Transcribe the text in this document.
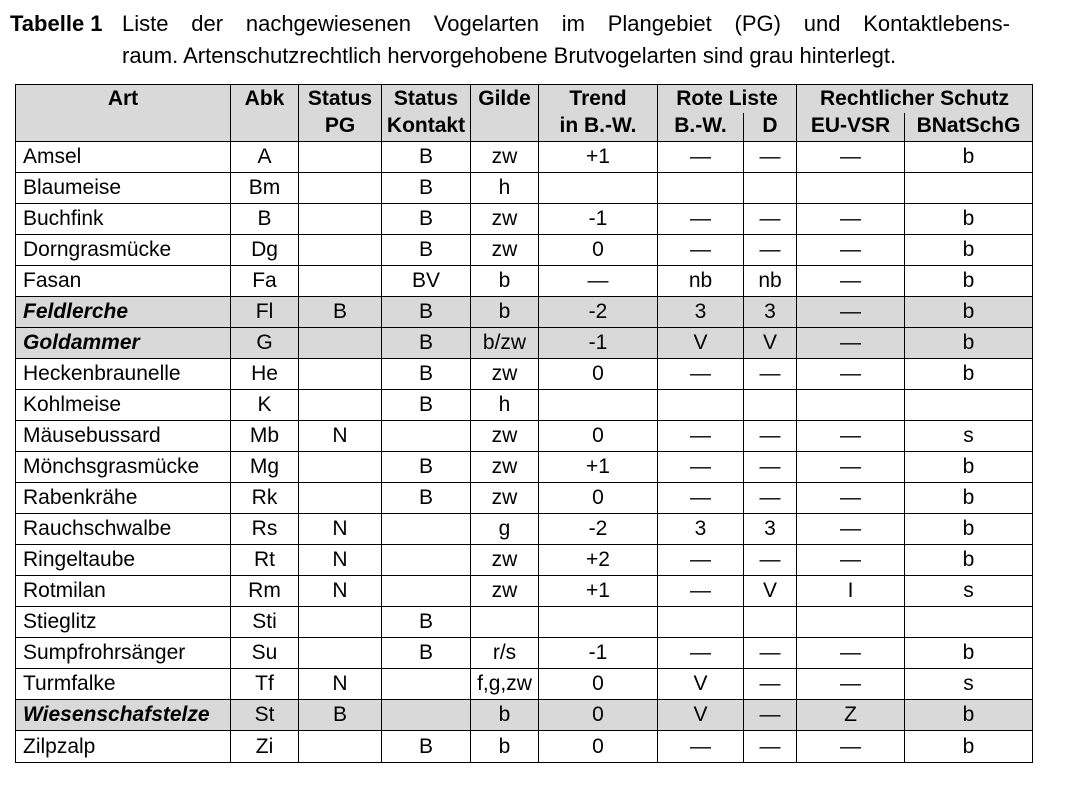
Tabelle 1 Liste der nachgewiesenen Vogelarten im Plangebiet (PG) und Kontaktlebens-
raum. Artenschutzrechtlich hervorgehobene Brutvogelarten sind grau hinterlegt.
Art	Abk	Status	Status	Gilde	Trend	Rote Liste		Rechtlicher Schutz	
		PG	Kontakt		in B.-W.	B.-W.	D	EU-VSR	BNatSchG
Amsel	A		B	zw	+1	—	—	—	b
Blaumeise	Bm		B	h					
Buchfink	B		B	zw	-1	—	—	—	b
Dorngrasmücke	Dg		B	zw	0	—	—	—	b
Fasan	Fa		BV	b	—	nb	nb	—	b
Feldlerche	Fl	B	B	b	-2	3	3	—	b
Goldammer	G		B	b/zw	-1	V	V	—	b
Heckenbraunelle	He		B	zw	0	—	—	—	b
Kohlmeise	K		B	h					
Mäusebussard	Mb	N		zw	0	—	—	—	s
Mönchsgrasmücke	Mg		B	zw	+1	—	—	—	b
Rabenkrähe	Rk		B	zw	0	—	—	—	b
Rauchschwalbe	Rs	N		g	-2	3	3	—	b
Ringeltaube	Rt	N		zw	+2	—	—	—	b
Rotmilan	Rm	N		zw	+1	—	V	I	s
Stieglitz	Sti		B						
Sumpfrohrsänger	Su		B	r/s	-1	—	—	—	b
Turmfalke	Tf	N		f,g,zw	0	V	—	—	s
Wiesenschafstelze	St	B		b	0	V	—	Z	b
Zilpzalp	Zi		B	b	0	—	—	—	b
